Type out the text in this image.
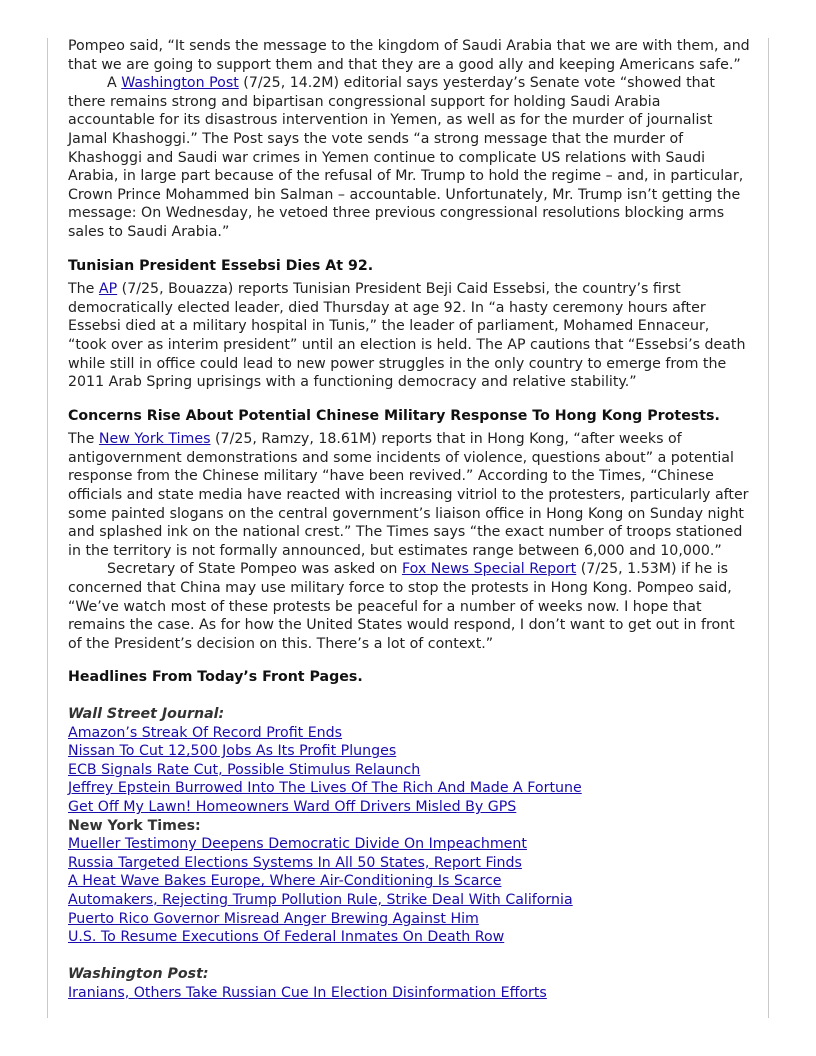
Pompeo said, “It sends the message to the kingdom of Saudi Arabia that we are with them, and that we are going to support them and that they are a good ally and keeping Americans safe.”

A Washington Post (7/25, 14.2M) editorial says yesterday’s Senate vote “showed that there remains strong and bipartisan congressional support for holding Saudi Arabia accountable for its disastrous intervention in Yemen, as well as for the murder of journalist Jamal Khashoggi.” The Post says the vote sends “a strong message that the murder of Khashoggi and Saudi war crimes in Yemen continue to complicate US relations with Saudi Arabia, in large part because of the refusal of Mr. Trump to hold the regime – and, in particular, Crown Prince Mohammed bin Salman – accountable. Unfortunately, Mr. Trump isn’t getting the message: On Wednesday, he vetoed three previous congressional resolutions blocking arms sales to Saudi Arabia.”

Tunisian President Essebsi Dies At 92.

The AP (7/25, Bouazza) reports Tunisian President Beji Caid Essebsi, the country’s first democratically elected leader, died Thursday at age 92. In “a hasty ceremony hours after Essebsi died at a military hospital in Tunis,” the leader of parliament, Mohamed Ennaceur, “took over as interim president” until an election is held. The AP cautions that “Essebsi’s death while still in office could lead to new power struggles in the only country to emerge from the 2011 Arab Spring uprisings with a functioning democracy and relative stability.”

Concerns Rise About Potential Chinese Military Response To Hong Kong Protests.

The New York Times (7/25, Ramzy, 18.61M) reports that in Hong Kong, “after weeks of antigovernment demonstrations and some incidents of violence, questions about” a potential response from the Chinese military “have been revived.” According to the Times, “Chinese officials and state media have reacted with increasing vitriol to the protesters, particularly after some painted slogans on the central government’s liaison office in Hong Kong on Sunday night and splashed ink on the national crest.” The Times says “the exact number of troops stationed in the territory is not formally announced, but estimates range between 6,000 and 10,000.”

Secretary of State Pompeo was asked on Fox News Special Report (7/25, 1.53M) if he is concerned that China may use military force to stop the protests in Hong Kong. Pompeo said, “We’ve watch most of these protests be peaceful for a number of weeks now. I hope that remains the case. As for how the United States would respond, I don’t want to get out in front of the President’s decision on this. There’s a lot of context.”

Headlines From Today’s Front Pages.
Wall Street Journal:
Amazon’s Streak Of Record Profit Ends
Nissan To Cut 12,500 Jobs As Its Profit Plunges
ECB Signals Rate Cut, Possible Stimulus Relaunch
Jeffrey Epstein Burrowed Into The Lives Of The Rich And Made A Fortune
Get Off My Lawn! Homeowners Ward Off Drivers Misled By GPS
New York Times:
Mueller Testimony Deepens Democratic Divide On Impeachment
Russia Targeted Elections Systems In All 50 States, Report Finds
A Heat Wave Bakes Europe, Where Air-Conditioning Is Scarce
Automakers, Rejecting Trump Pollution Rule, Strike Deal With California
Puerto Rico Governor Misread Anger Brewing Against Him
U.S. To Resume Executions Of Federal Inmates On Death Row
Washington Post:
Iranians, Others Take Russian Cue In Election Disinformation Efforts
